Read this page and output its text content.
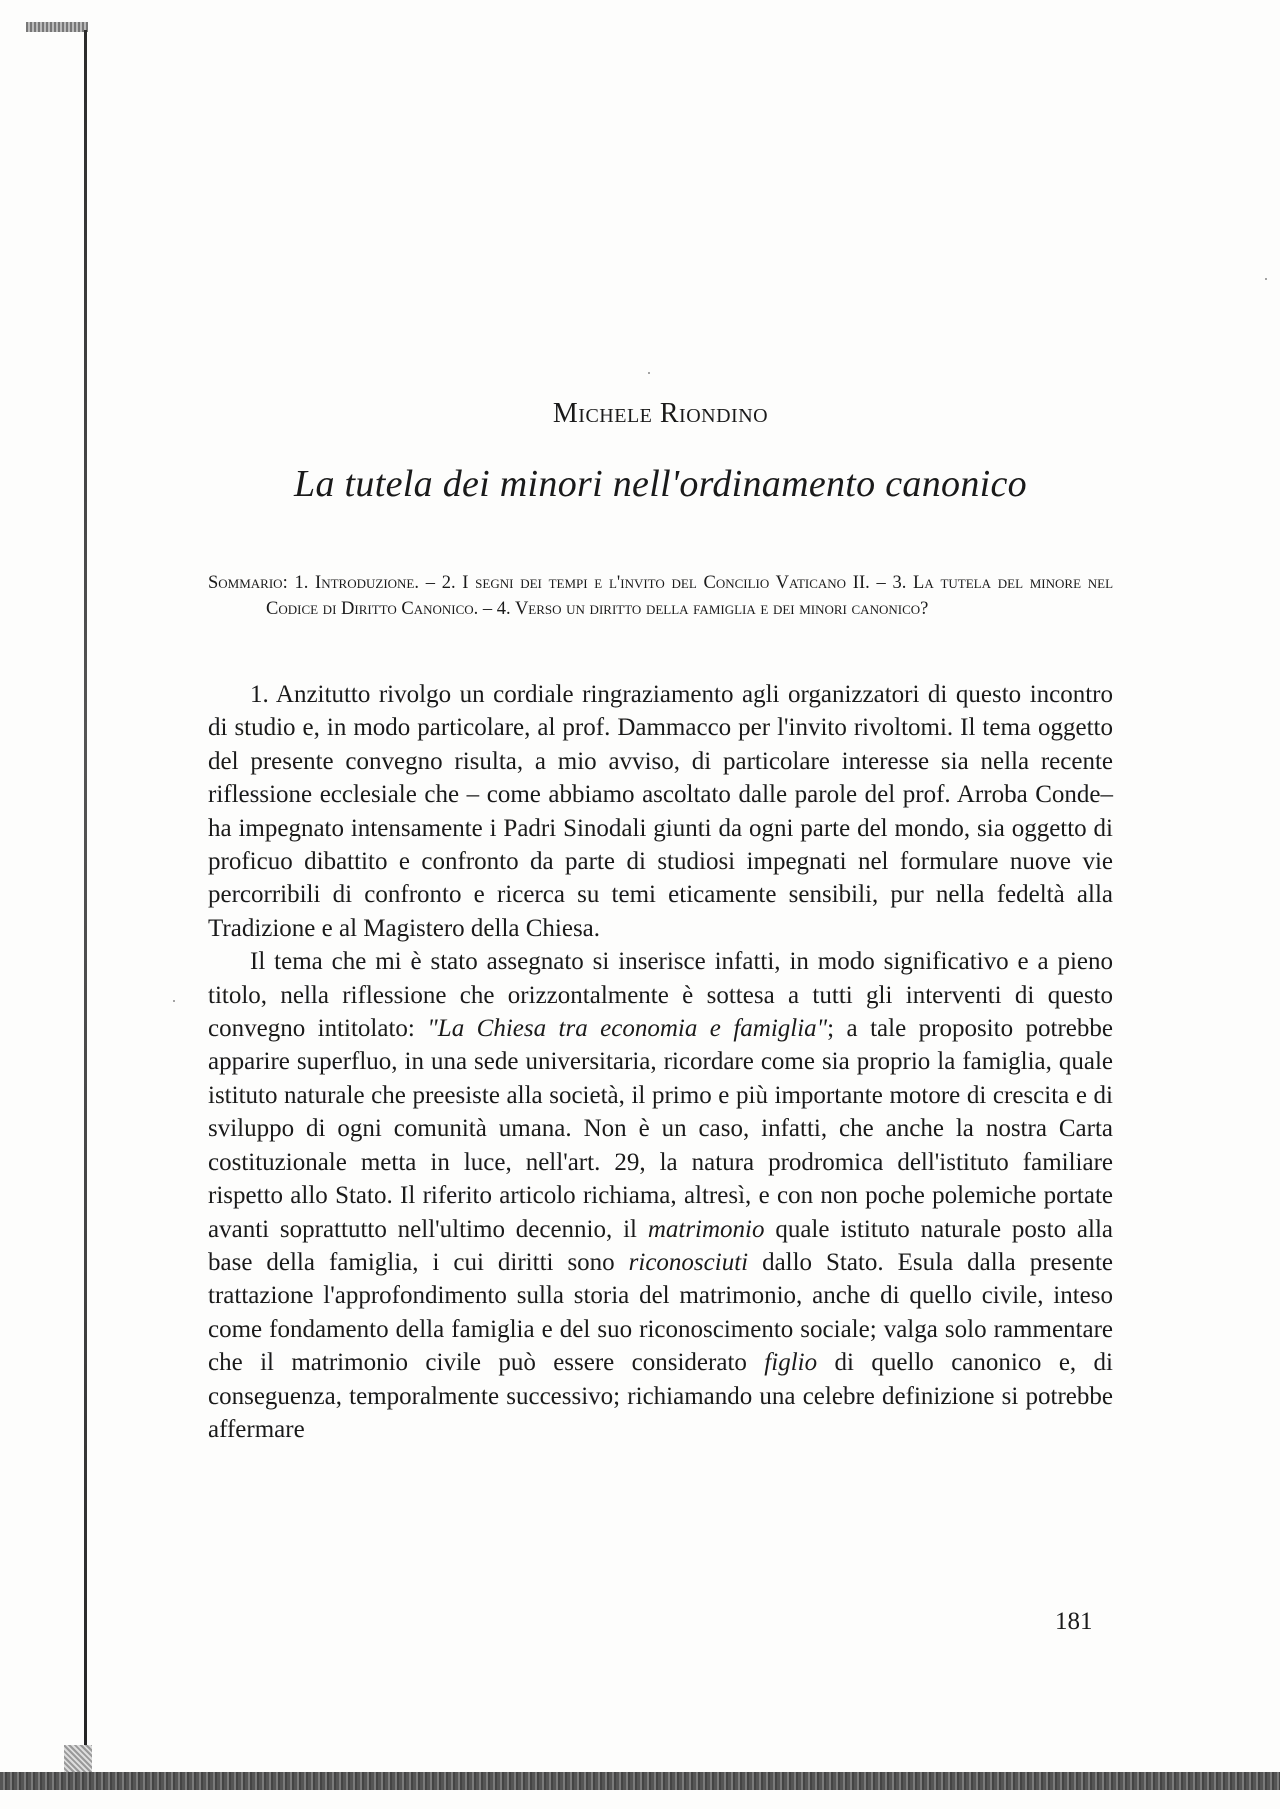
Michele Riondino
La tutela dei minori nell'ordinamento canonico
Sommario: 1. Introduzione. – 2. I segni dei tempi e l'invito del Concilio Vaticano II. – 3. La tutela del minore nel Codice di Diritto Canonico. – 4. Verso un diritto della famiglia e dei minori canonico?

1. Anzitutto rivolgo un cordiale ringraziamento agli organizzatori di questo incontro di studio e, in modo particolare, al prof. Dammacco per l'invito rivoltomi. Il tema oggetto del presente convegno risulta, a mio avviso, di particolare interesse sia nella recente riflessione ecclesiale che – come abbiamo ascoltato dalle parole del prof. Arroba Conde– ha impegnato intensamente i Padri Sinodali giunti da ogni parte del mondo, sia oggetto di proficuo dibattito e confronto da parte di studiosi impegnati nel formulare nuove vie percorribili di confronto e ricerca su temi eticamente sensibili, pur nella fedeltà alla Tradizione e al Magistero della Chiesa.

Il tema che mi è stato assegnato si inserisce infatti, in modo significativo e a pieno titolo, nella riflessione che orizzontalmente è sottesa a tutti gli interventi di questo convegno intitolato: "La Chiesa tra economia e famiglia"; a tale proposito potrebbe apparire superfluo, in una sede universitaria, ricordare come sia proprio la famiglia, quale istituto naturale che preesiste alla società, il primo e più importante motore di crescita e di sviluppo di ogni comunità umana. Non è un caso, infatti, che anche la nostra Carta costituzionale metta in luce, nell'art. 29, la natura prodromica dell'istituto familiare rispetto allo Stato. Il riferito articolo richiama, altresì, e con non poche polemiche portate avanti soprattutto nell'ultimo decennio, il matrimonio quale istituto naturale posto alla base della famiglia, i cui diritti sono riconosciuti dallo Stato. Esula dalla presente trattazione l'approfondimento sulla storia del matrimonio, anche di quello civile, inteso come fondamento della famiglia e del suo riconoscimento sociale; valga solo rammentare che il matrimonio civile può essere considerato figlio di quello canonico e, di conseguenza, temporalmente successivo; richiamando una celebre definizione si potrebbe affermare

181
